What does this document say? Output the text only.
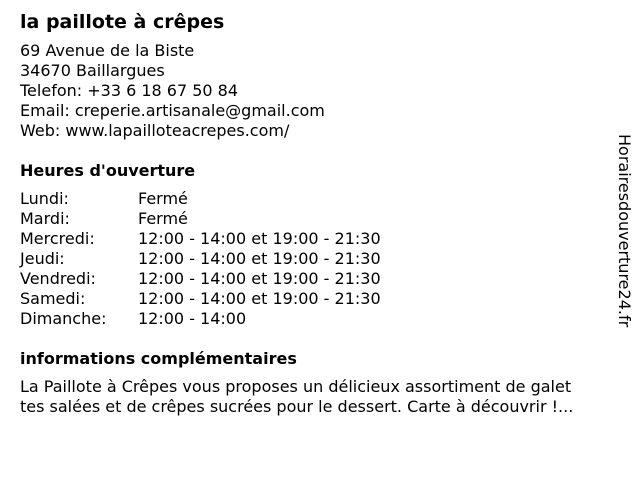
la paillote à crêpes
69 Avenue de la Biste
34670 Baillargues
Telefon: +33 6 18 67 50 84
Email: creperie.artisanale@gmail.com
Web: www.lapailloteacrepes.com/
Heures d'ouverture
Lundi:	Fermé
Mardi:	Fermé
Mercredi:	12:00 - 14:00 et 19:00 - 21:30
Jeudi:	12:00 - 14:00 et 19:00 - 21:30
Vendredi:	12:00 - 14:00 et 19:00 - 21:30
Samedi:	12:00 - 14:00 et 19:00 - 21:30
Dimanche:	12:00 - 14:00
informations complémentaires
La Paillote à Crêpes vous proposes un délicieux assortiment de galet
tes salées et de crêpes sucrées pour le dessert. Carte à découvrir !...
Horairesdouverture24.fr
